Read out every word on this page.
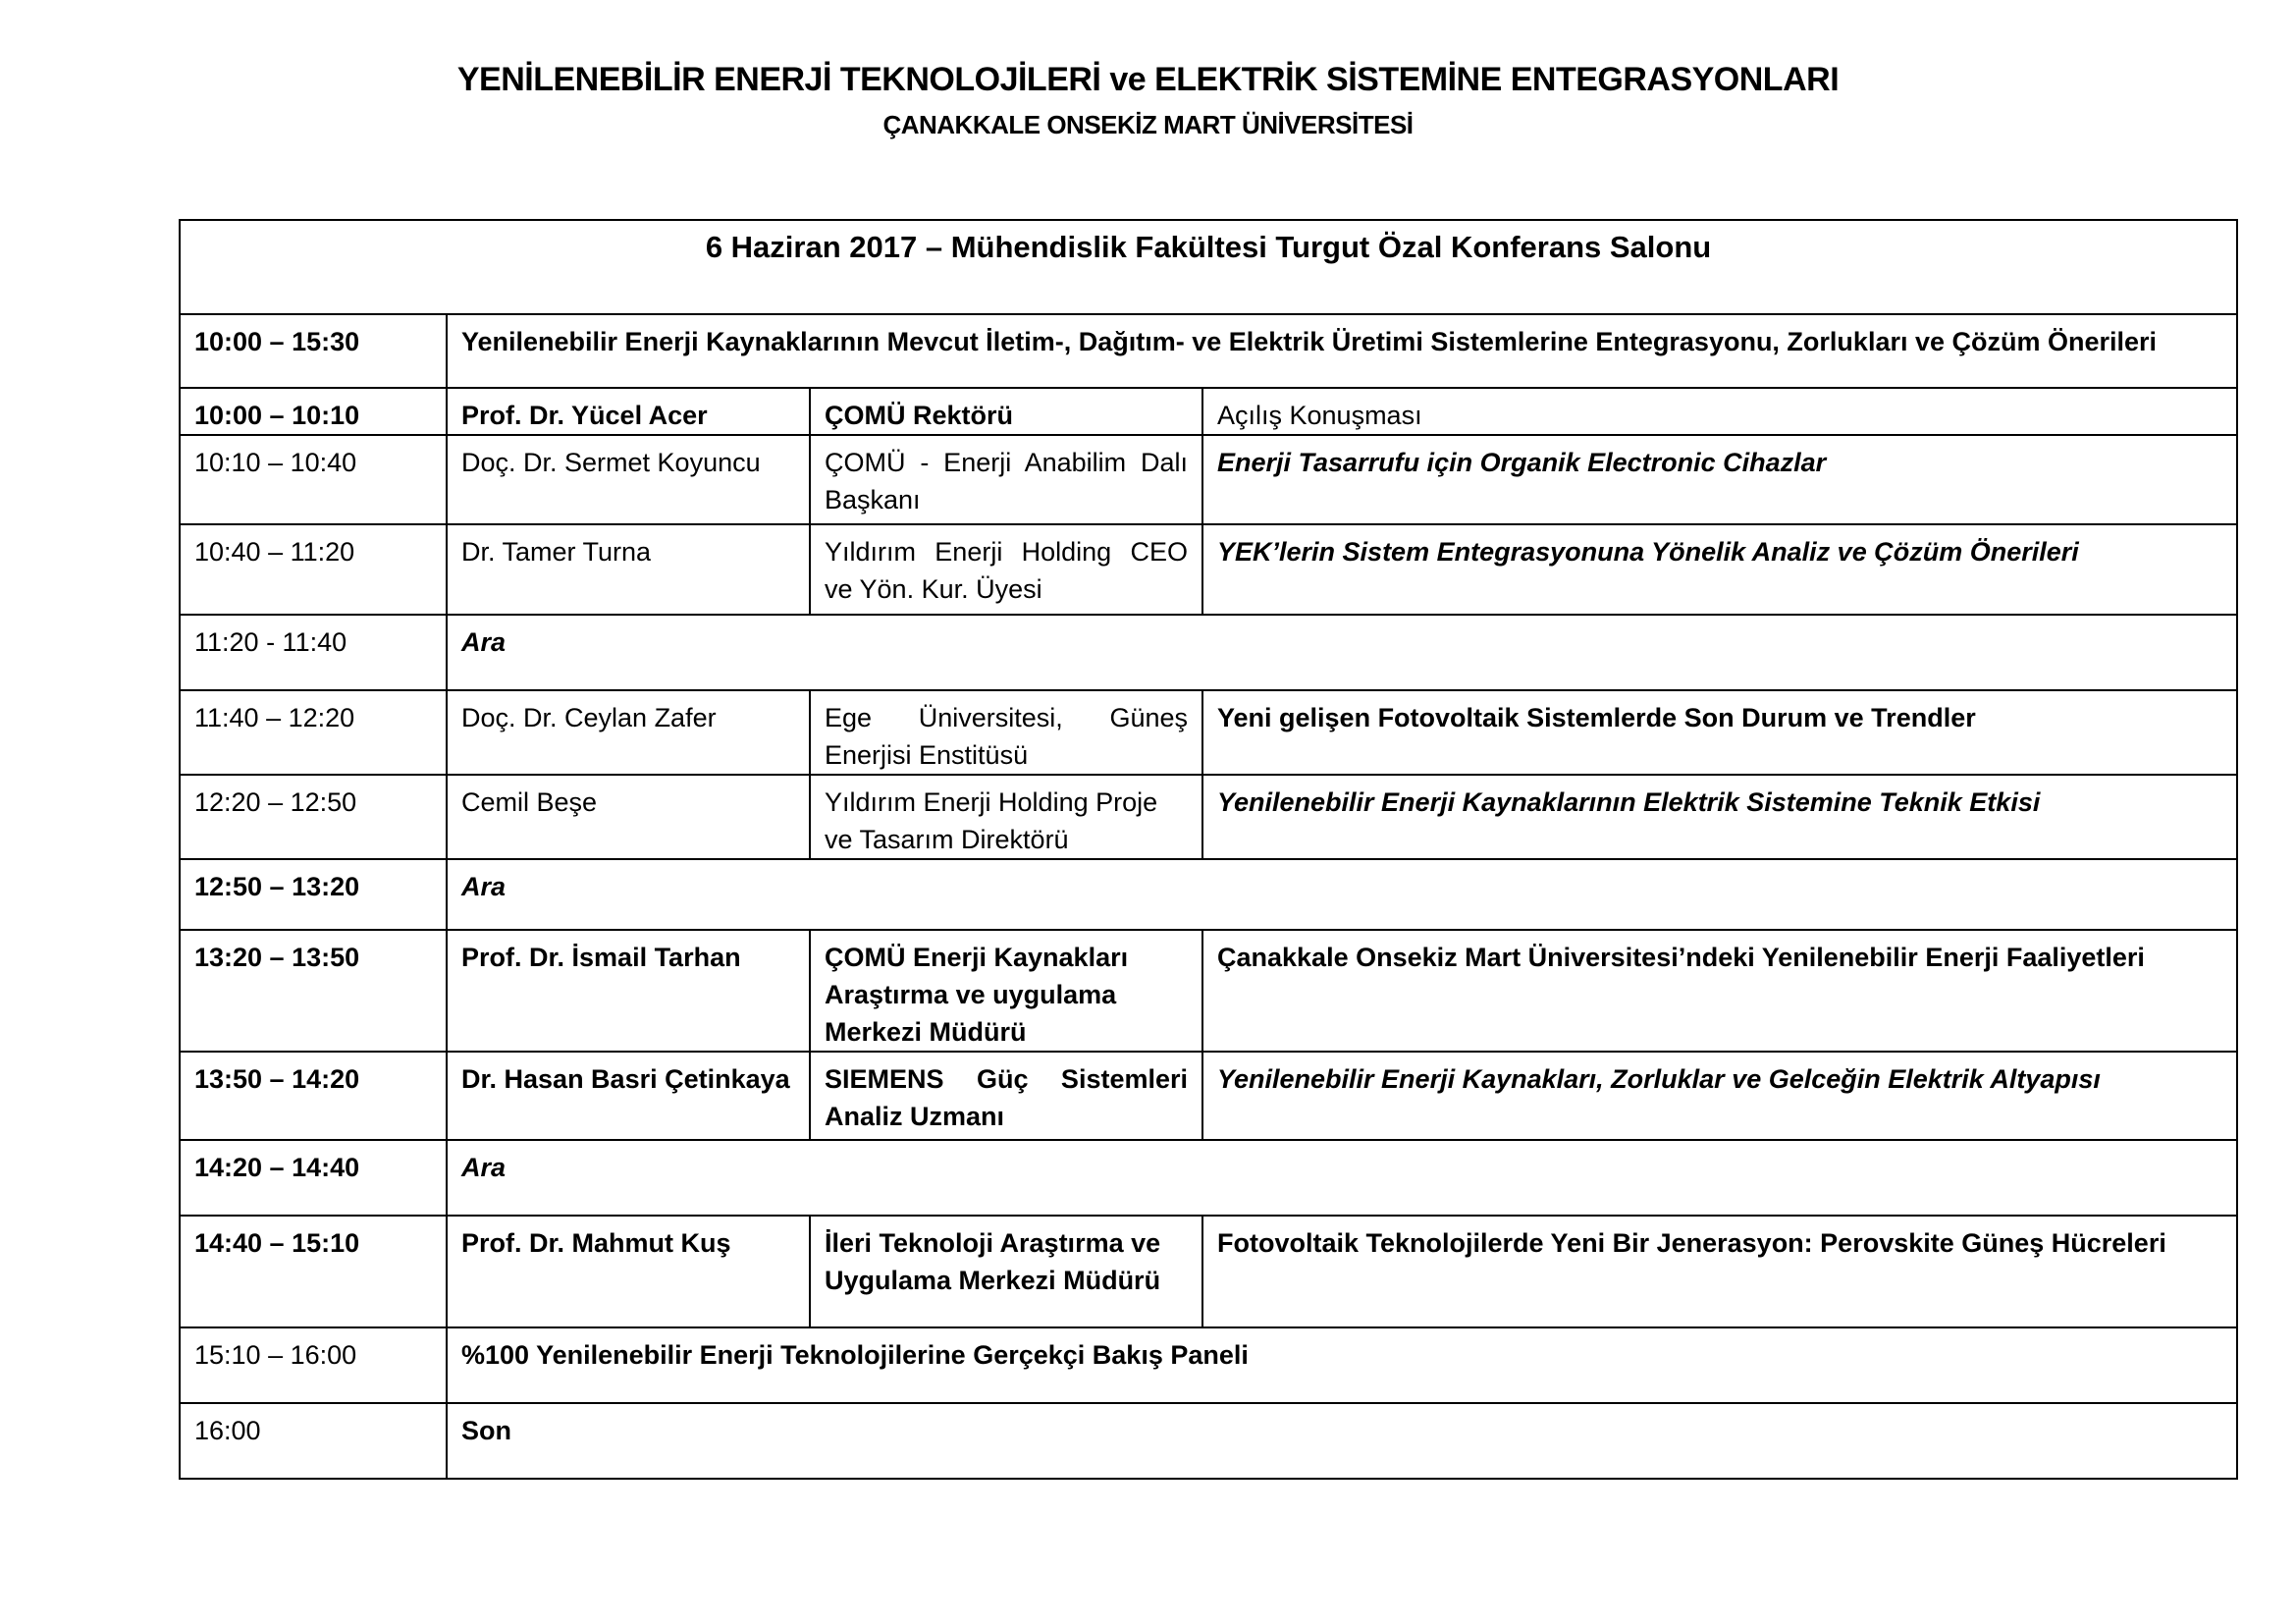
YENİLENEBİLİR ENERJİ TEKNOLOJİLERİ ve ELEKTRİK SİSTEMİNE ENTEGRASYONLARI
ÇANAKKALE ONSEKİZ MART ÜNİVERSİTESİ
6 Haziran 2017 – Mühendislik Fakültesi Turgut Özal Konferans Salonu			
10:00 – 15:30	Yenilenebilir Enerji Kaynaklarının Mevcut İletim-, Dağıtım- ve Elektrik Üretimi Sistemlerine Entegrasyonu, Zorlukları ve Çözüm Önerileri		
10:00 – 10:10	Prof. Dr. Yücel Acer	ÇOMÜ Rektörü	Açılış Konuşması
10:10 – 10:40	Doç. Dr. Sermet Koyuncu	ÇOMÜ - Enerji Anabilim Dalı Başkanı	Enerji Tasarrufu için Organik Electronic Cihazlar
10:40 – 11:20	Dr. Tamer Turna	Yıldırım Enerji Holding CEO ve Yön. Kur. Üyesi	YEK’lerin Sistem Entegrasyonuna Yönelik Analiz ve Çözüm Önerileri
11:20 - 11:40	Ara		
11:40 – 12:20	Doç. Dr. Ceylan Zafer	Ege Üniversitesi, Güneş Enerjisi Enstitüsü	Yeni gelişen Fotovoltaik Sistemlerde Son Durum ve Trendler
12:20 – 12:50	Cemil Beşe	Yıldırım Enerji Holding Proje ve Tasarım Direktörü	Yenilenebilir Enerji Kaynaklarının Elektrik Sistemine Teknik Etkisi
12:50 – 13:20	Ara		
13:20 – 13:50	Prof. Dr. İsmail Tarhan	ÇOMÜ Enerji Kaynakları Araştırma ve uygulama Merkezi Müdürü	Çanakkale Onsekiz Mart Üniversitesi’ndeki Yenilenebilir Enerji Faaliyetleri
13:50 – 14:20	Dr. Hasan Basri Çetinkaya	SIEMENS Güç Sistemleri Analiz Uzmanı	Yenilenebilir Enerji Kaynakları, Zorluklar ve Gelceğin Elektrik Altyapısı
14:20 – 14:40	Ara		
14:40 – 15:10	Prof. Dr. Mahmut Kuş	İleri Teknoloji Araştırma ve Uygulama Merkezi Müdürü	Fotovoltaik Teknolojilerde Yeni Bir Jenerasyon: Perovskite Güneş Hücreleri
15:10 – 16:00	%100 Yenilenebilir Enerji Teknolojilerine Gerçekçi Bakış Paneli		
16:00	Son		
